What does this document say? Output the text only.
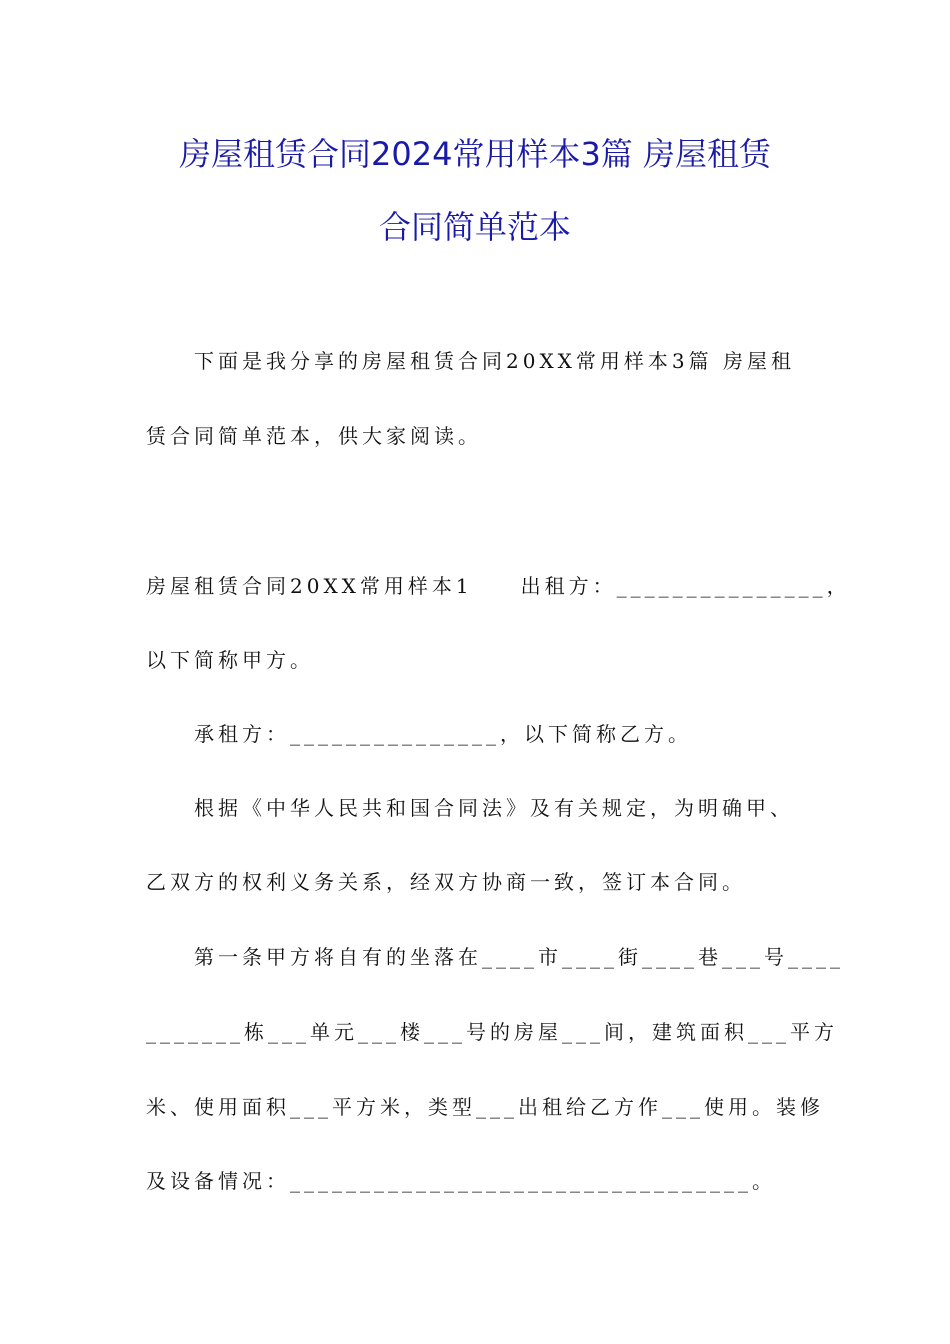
房屋租赁合同2024常用样本3篇 房屋租赁
合同简单范本
下面是我分享的房屋租赁合同20XX常用样本3篇 房屋租
赁合同简单范本，供大家阅读。
房屋租赁合同20XX常用样本1　　出租方：_______________，
以下简称甲方。
承租方：_______________，以下简称乙方。
根据《中华人民共和国合同法》及有关规定，为明确甲、
乙双方的权利义务关系，经双方协商一致，签订本合同。
第一条甲方将自有的坐落在____市____街____巷___号____
_______栋___单元___楼___号的房屋___间，建筑面积___平方
米、使用面积___平方米，类型___出租给乙方作___使用。装修
及设备情况：_________________________________。
